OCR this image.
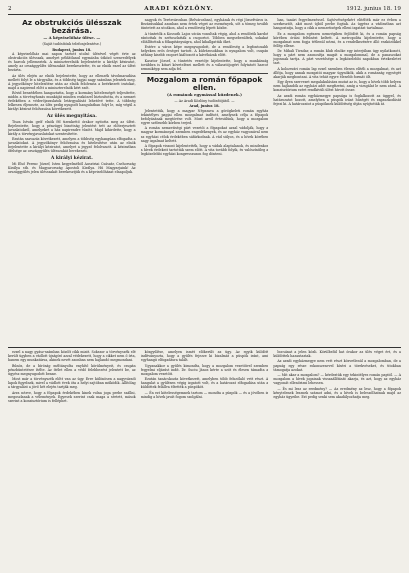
2	ARADI KÖZLÖNY.	1912. junius 18. 19
Az obstrukciós ülésszak bezárása.
— A képviselőház ülése. —
(Saját tudósítónk telefonjelentése.)
Budapest, junius 18.

A képviselőház mai napon tartott utolsó ülésével végét érte az obstrukciós ülésszak, amelyet példátlanul egymásba ütköző szenvedélyek és harcok jellemeztek. A miniszterelnök bejelentette a királyi kéziratot, amely az országgyűlés ülésszakát berekesztette, és az elnök ezzel az ülést bezárta.

Az ülés elején az elnök bejelentette, hogy az ellenzék távolmaradása mellett folyt le a tárgyalás, és a többség tagjai nagy számban jelentek meg. A jegyzőkönyv hitelesítése után az elnök felolvasta a beérkezett iratokat, majd a napirend előtt a miniszterelnök kért szót.

Rövid beszédében hangoztatta, hogy a kormány kötelességét teljesítette, midőn a törvényhozás munkáját minden eszközzel biztosította, és a nemzet érdekében a véderőjavaslatok letárgyalását lehetővé tette. A többség lelkesen éljenezte, az ülés pedig nyugodt hangulatban folyt le, míg végül a királyi kézirat felolvasása következett.

Az ülés megnyitása.

Tisza István gróf elnök fél tizenkettő órakor nyitotta meg az ülést. Bejelentette, hogy a pénzügyi bizottság jelentést tett az előterjesztett javaslatokról, amelyeket a ház napirendre tűzött. Majd kihirdette, hogy a király a törvényjavaslatokat szentesítette.

Ezután szavazás következett, amelyen a többség egyhangúan elfogadta a javaslatokat. A jegyzőkönyv felolvasása és hitelesítése után az elnök bejelentette a királyi kéziratot, amelyet a jegyző felolvasott. A kéziratban őfelsége az országgyűlés ülésszakát berekeszti.

A királyi kézirat.

Mi Első Ferenc József, Isten kegyelméből Ausztriai Császár, Csehország Királya stb. és Magyarország Apostoli Királya. Hű Magyarjaink! Az országgyűlés jelen ülésszakát berekesztjük és a képviselőházat elnapoljuk.

nagyok és Terézvárosban (Belvárosban), egyházak és régi Józsefváros is. Bezárásukkal azonban nem értek véget az események, sőt a tömeg tovább tüntetett az utcákon, ahol a rendőrség lépett közbe.

A tüntetők a Kossuth Lajos utcán vonultak végig, ahol a rendőrök kardot rántottak és szétoszlatták a csoportot. Többen megsebesültek, sokakat előállítottak a főkapitányságra, ahol kihallgatták őket.

Estére a város képe megnyugodott, de a rendőrség a legfontosabb helyeken erős őrséget tartott. A külvárosokban is nyugalom volt, csupán néhány kisebb csoport kiáltozott a kávéházak előtt.

Kasztor József, a tüntetés vezetője kijelentette, hogy a munkásság továbbra is kitart követelései mellett és a választójogért folytatott harcot semmiképp sem adja fel.

Mozgalom a román főpapok ellen.
(A románok egymással küzdenek.)
— Az Aradi Közlöny tudósítójától. —
Arad, junius 18.

Jelentettük, hogy a magyar Népszava a görögkeleti román egyház tekintélyes papjai ellen mozgalmat indított, amelynek célja a főpapok befolyásának megtörése volt. Most arról értesülünk, hogy a mozgalom egyre szélesebb körben terjed.

A román nemzetiségi párt vezetői a főpapokat azzal vádolják, hogy a magyar kormánnyal szemben engedékenyek, és az egyház vagyonával nem az egyházi célok érdekében sáfárkodnak. A vád súlyos, és a hívek körében nagy izgalmat keltett.

A főpapok viszont kijelentették, hogy a vádak alaptalanok, és mindenkor a hívek érdekeit tartották szem előtt. A vita tovább folyik, és valószínűleg a legközelebbi egyházi kongresszuson fog dönteni.

ban, tanári fegyelmezéssel. Sajtóvétségekért elitélték már ez évben a szerkesztőt, akit most újból perbe fogtak. Az ügyész a vádiratban azt hangoztatja, hogy a cikk a nemzetiségek elleni izgatást tartalmaz.

Ez a mozgalom egészen nemrégiben fejlődött ki, és a román papság körében óriási feltűnést keltett. A metropolita kijelentette, hogy a mozgalmat nem fogja tétlenül nézni, és a rendelkezésére álló eszközökkel fellép ellene.

Dr. Mihali Tivadar, a román klub elnöke egy interjúban úgy nyilatkozott, hogy a párt nem azonosítja magát a mozgalommal, de a panaszokat jogosnak tartja. A párt vezetősége a legközelebbi napokban értekezletet tart.

A kolozsvári román lap ezzel szemben élesen elítéli a mozgalmat, és azt állítja, hogy annak mozgatói magyar ügynökök, akik a románság egységét akarják megbontani. A vita tehát egyre élesebb formát ölt.

Egy ilyen szervezet megalakulására mutat az is, hogy a hívek több helyen nem hajlandók az egyházi adót megfizetni, amíg a vizsgálat le nem zárul. A konzisztórium ezért rendkívüli ülést hívott össze.

Az aradi román egyházmegye papsága is foglalkozott az üggyel, és határozatot hozott, amelyben a püspök iránt hűségét és ragaszkodását fejezi ki. A határozatot a püspöknek küldöttség útján nyújtották át.

ezzel a nagy gyász-számban közölt cikk miatt. Sokszor a törvényszék elé került ügyben a vádlott újságíró azzal védekezett, hogy a cikket nem ő írta, hanem egy munkatársa, akinek nevét azonban nem hajlandó megmondani.

Bűnös, de a bíróság méltányolta enyhítő körülményeit, és csupán pénzbüntetésre ítélte. Az ítélet ellen a védő felebbezést jelentett be, az ügyész megnyugodott benne.

Most már a törvényszék előtt van az ügy. Erre különösen a nagyváradi lapok figyelnek, mivel a vádlott évek óta a helyi sajtóban működik. Állítólag a tárgyalást a jövő hét elején tartják meg.

Arra nézve, hogy a főpapok érdekében kinek volna joga perbe szállni, megoszlanak a vélemények. Egyesek szerint csak maga a sértett, mások szerint a konzisztórium is felléphet.

közgyűlése, amelyen ismét előkerült az ügy. Az egyik küldött indítványozta, hogy a gyűlés fejezze ki bizalmát a püspök iránt, ami egyhangú elfogadásra talált.

Ugyanakkor a gyűlés kimondta, hogy a mozgalom vezetőivel szemben fegyelmi eljárást indít. Dr. Suciu János kérte a szót és élesen támadta a mozgalom vezetőit.

Ezután tanácskozás következett, amelyben több felszólaló vett részt. A hangulat a gyűlésen végig izgatott volt, és a határozat elfogadása után a küldöttek felállva éltették a püspököt.

— Én ezt kötelességemnek tartom — mondta a püspök — és a jövőben is mindig a hívek javát fogom szolgálni.

bocsánat a jelen közli. Körülbelül hat órakor az ülés véget ért, és a küldöttek hazautaztak.

Az aradi egyházmegye nem vett részt közvetlenül a mozgalomban, de a papság egy része rokonszenvvel kíséri a törekvéseket, és titokban támogatja azokat.

— Mit akar a mozgalom? — kérdeztük egy tekintélyes román paptól. — A mozgalom a hívek jogainak visszaállítását akarja, és azt, hogy az egyház vagyonát ellenőrizni lehessen.

— És mi lesz az eredmény? — Az eredmény az lesz, hogy a főpapok kénytelenek lesznek számot adni, és a hívek is beleszólhatnak majd az egyház ügyeibe. Ezt pedig senki sem akadályozhatja meg.
